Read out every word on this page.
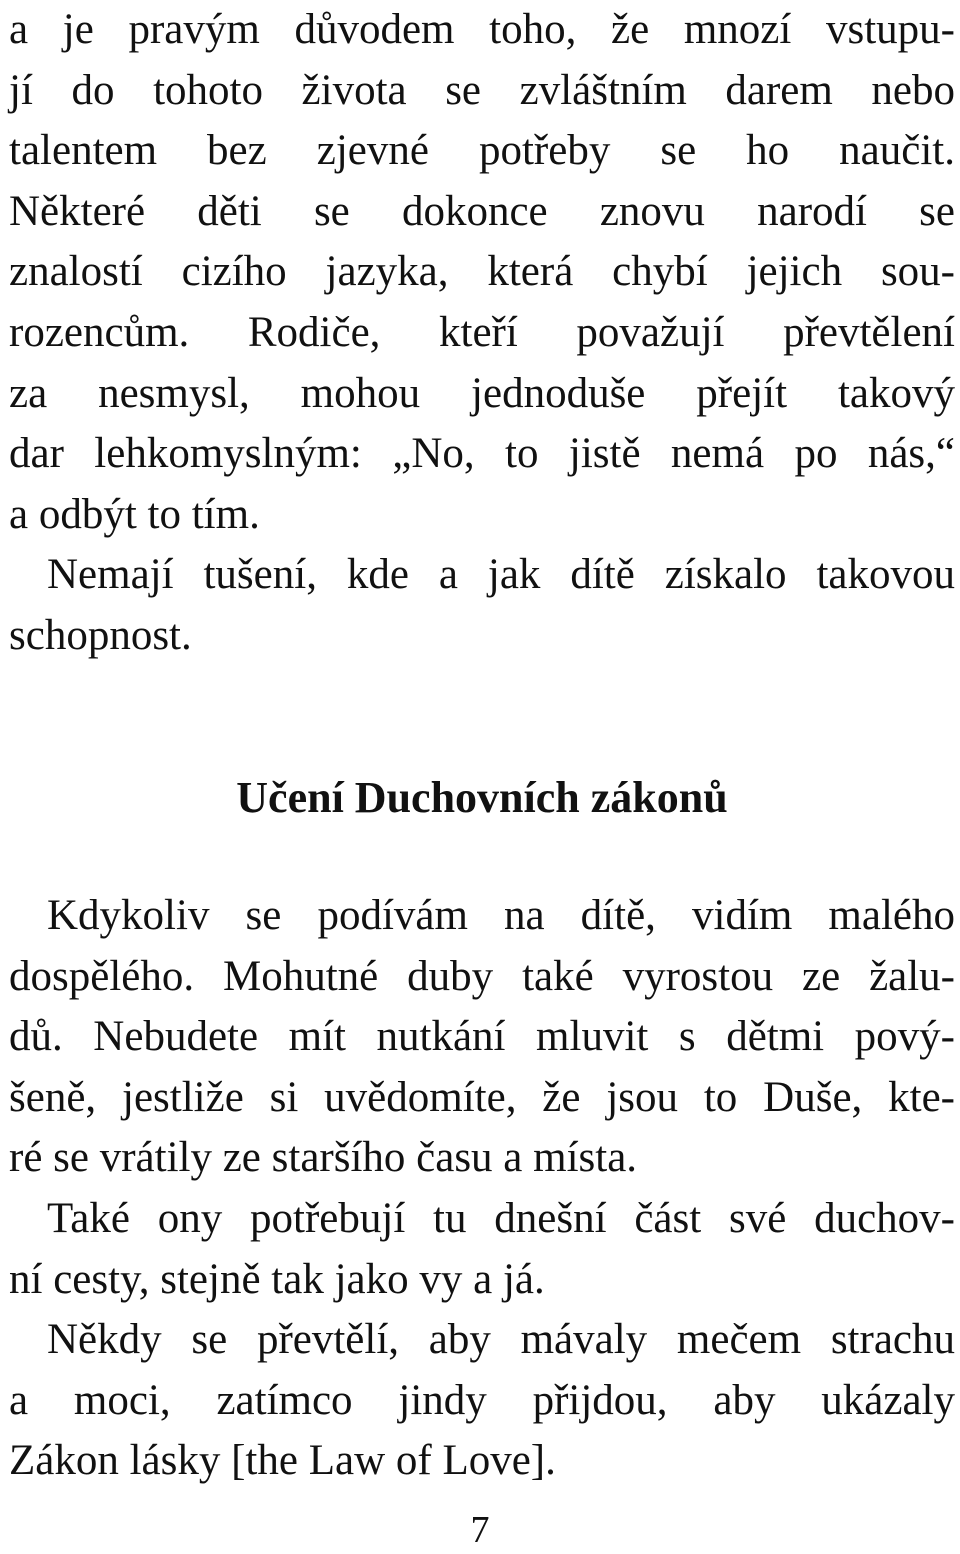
a je pravým důvodem toho, že mnozí vstupu-
jí do tohoto života se zvláštním darem nebo
talentem bez zjevné potřeby se ho naučit.
Některé děti se dokonce znovu narodí se
znalostí cizího jazyka, která chybí jejich sou-
rozencům. Rodiče, kteří považují převtělení
za nesmysl, mohou jednoduše přejít takový
dar lehkomyslným: „No, to jistě nemá po nás,“
a odbýt to tím.
Nemají tušení, kde a jak dítě získalo takovou
schopnost.
Učení Duchovních zákonů
Kdykoliv se podívám na dítě, vidím malého
dospělého. Mohutné duby také vyrostou ze žalu-
dů. Nebudete mít nutkání mluvit s dětmi pový-
šeně, jestliže si uvědomíte, že jsou to Duše, kte-
ré se vrátily ze staršího času a místa.
Také ony potřebují tu dnešní část své duchov-
ní cesty, stejně tak jako vy a já.
Někdy se převtělí, aby mávaly mečem strachu
a moci, zatímco jindy přijdou, aby ukázaly
Zákon lásky [the Law of Love].
7
